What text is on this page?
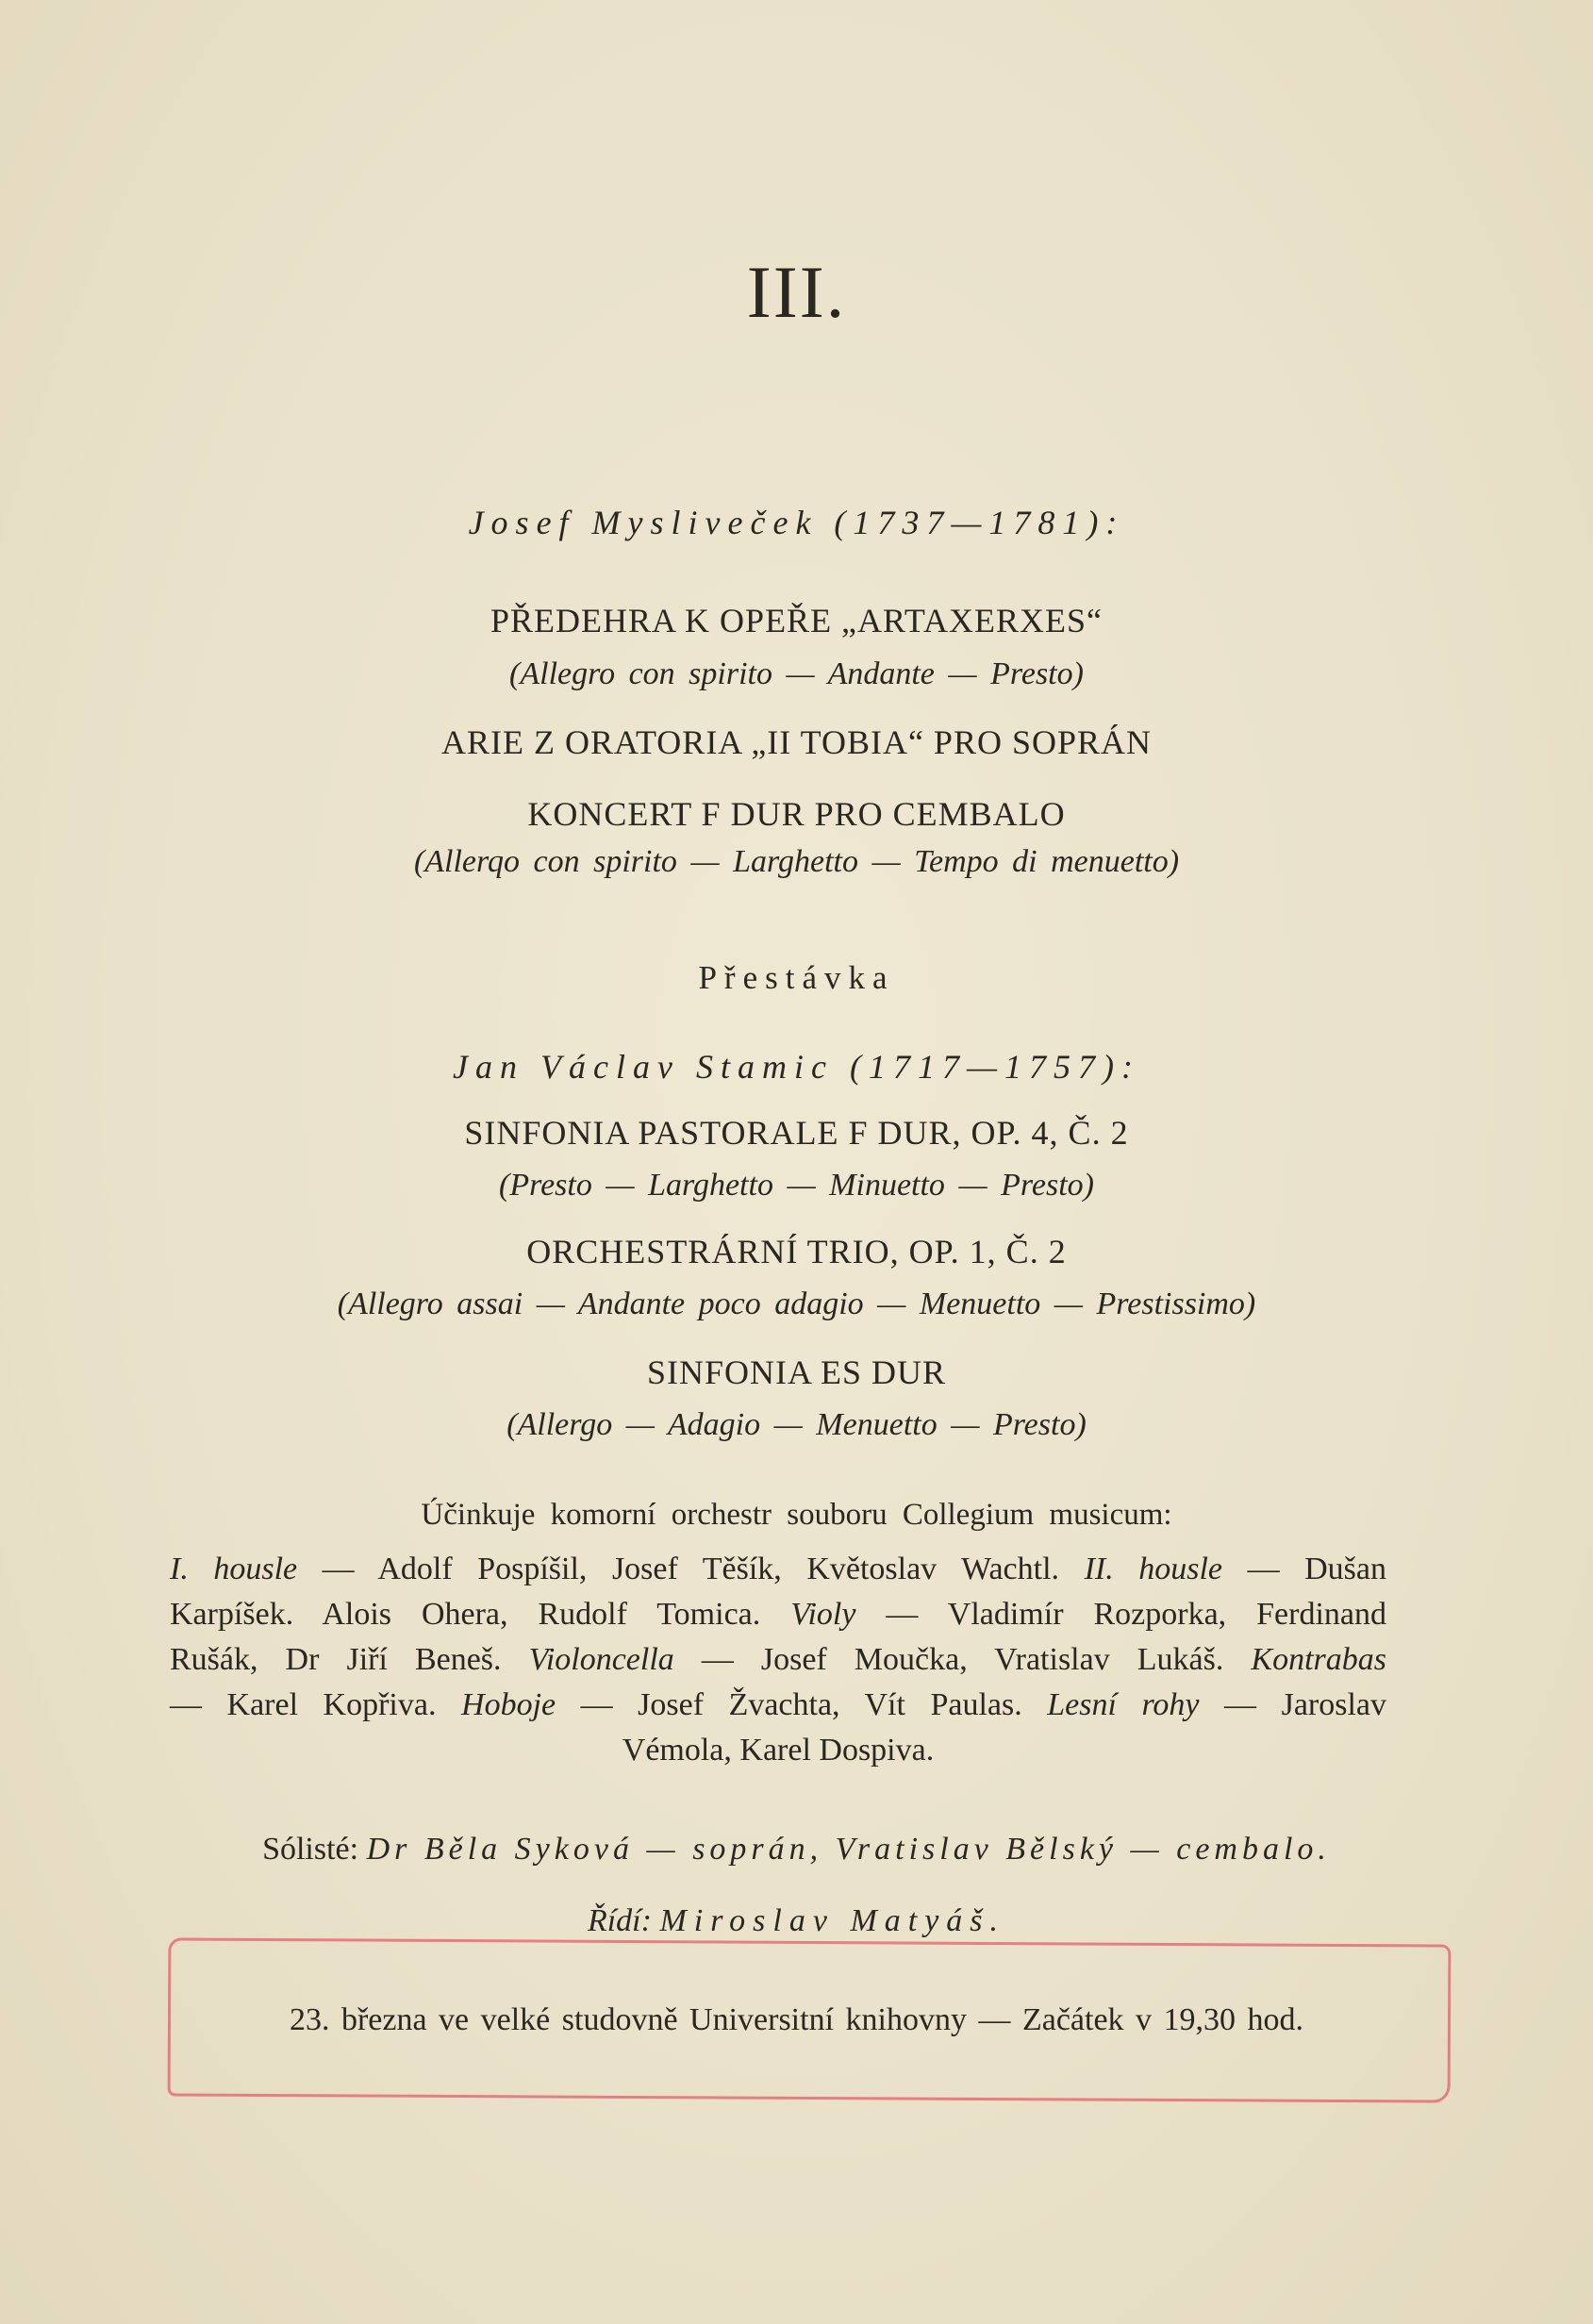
III.
Josef Mysliveček (1737—1781):
PŘEDEHRA K OPEŘE „ARTAXERXES“
(Allegro con spirito — Andante — Presto)
ARIE Z ORATORIA „II TOBIA“ PRO SOPRÁN
KONCERT F DUR PRO CEMBALO
(Allerqo con spirito — Larghetto — Tempo di menuetto)
Přestávka
Jan Václav Stamic (1717—1757):
SINFONIA PASTORALE F DUR, OP. 4, Č. 2
(Presto — Larghetto — Minuetto — Presto)
ORCHESTRÁRNÍ TRIO, OP. 1, Č. 2
(Allegro assai — Andante poco adagio — Menuetto — Prestissimo)
SINFONIA ES DUR
(Allergo — Adagio — Menuetto — Presto)
Účinkuje komorní orchestr souboru Collegium musicum:
I. housle — Adolf Pospíšil, Josef Těšík, Květoslav Wachtl. II. housle — Dušan
Karpíšek. Alois Ohera, Rudolf Tomica. Violy — Vladimír Rozporka, Ferdinand
Rušák, Dr Jiří Beneš. Violoncella — Josef Moučka, Vratislav Lukáš. Kontrabas
— Karel Kopřiva. Hoboje — Josef Žvachta, Vít Paulas. Lesní rohy — Jaroslav
Vémola, Karel Dospiva.
Sólisté: Dr Běla Syková — soprán, Vratislav Bělský — cembalo.
Řídí: Miroslav Matyáš.
23. března ve velké studovně Universitní knihovny — Začátek v 19,30 hod.
